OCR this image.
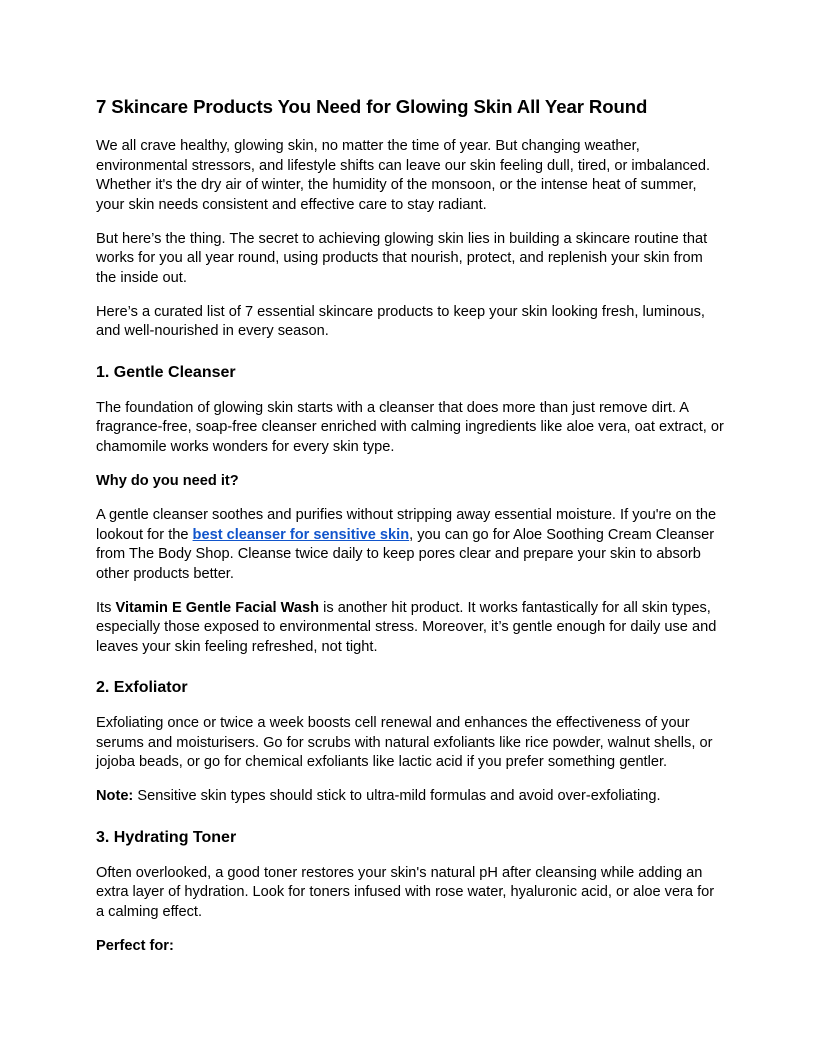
7 Skincare Products You Need for Glowing Skin All Year Round

We all crave healthy, glowing skin, no matter the time of year. But changing weather, environmental stressors, and lifestyle shifts can leave our skin feeling dull, tired, or imbalanced. Whether it's the dry air of winter, the humidity of the monsoon, or the intense heat of summer, your skin needs consistent and effective care to stay radiant.

But here’s the thing. The secret to achieving glowing skin lies in building a skincare routine that works for you all year round, using products that nourish, protect, and replenish your skin from the inside out.

Here’s a curated list of 7 essential skincare products to keep your skin looking fresh, luminous, and well-nourished in every season.

1. Gentle Cleanser

The foundation of glowing skin starts with a cleanser that does more than just remove dirt. A fragrance-free, soap-free cleanser enriched with calming ingredients like aloe vera, oat extract, or chamomile works wonders for every skin type.

Why do you need it?

A gentle cleanser soothes and purifies without stripping away essential moisture. If you're on the lookout for the best cleanser for sensitive skin, you can go for Aloe Soothing Cream Cleanser from The Body Shop. Cleanse twice daily to keep pores clear and prepare your skin to absorb other products better.

Its Vitamin E Gentle Facial Wash is another hit product. It works fantastically for all skin types, especially those exposed to environmental stress. Moreover, it’s gentle enough for daily use and leaves your skin feeling refreshed, not tight.

2. Exfoliator

Exfoliating once or twice a week boosts cell renewal and enhances the effectiveness of your serums and moisturisers. Go for scrubs with natural exfoliants like rice powder, walnut shells, or jojoba beads, or go for chemical exfoliants like lactic acid if you prefer something gentler.

Note: Sensitive skin types should stick to ultra-mild formulas and avoid over-exfoliating.

3. Hydrating Toner

Often overlooked, a good toner restores your skin's natural pH after cleansing while adding an extra layer of hydration. Look for toners infused with rose water, hyaluronic acid, or aloe vera for a calming effect.

Perfect for:
